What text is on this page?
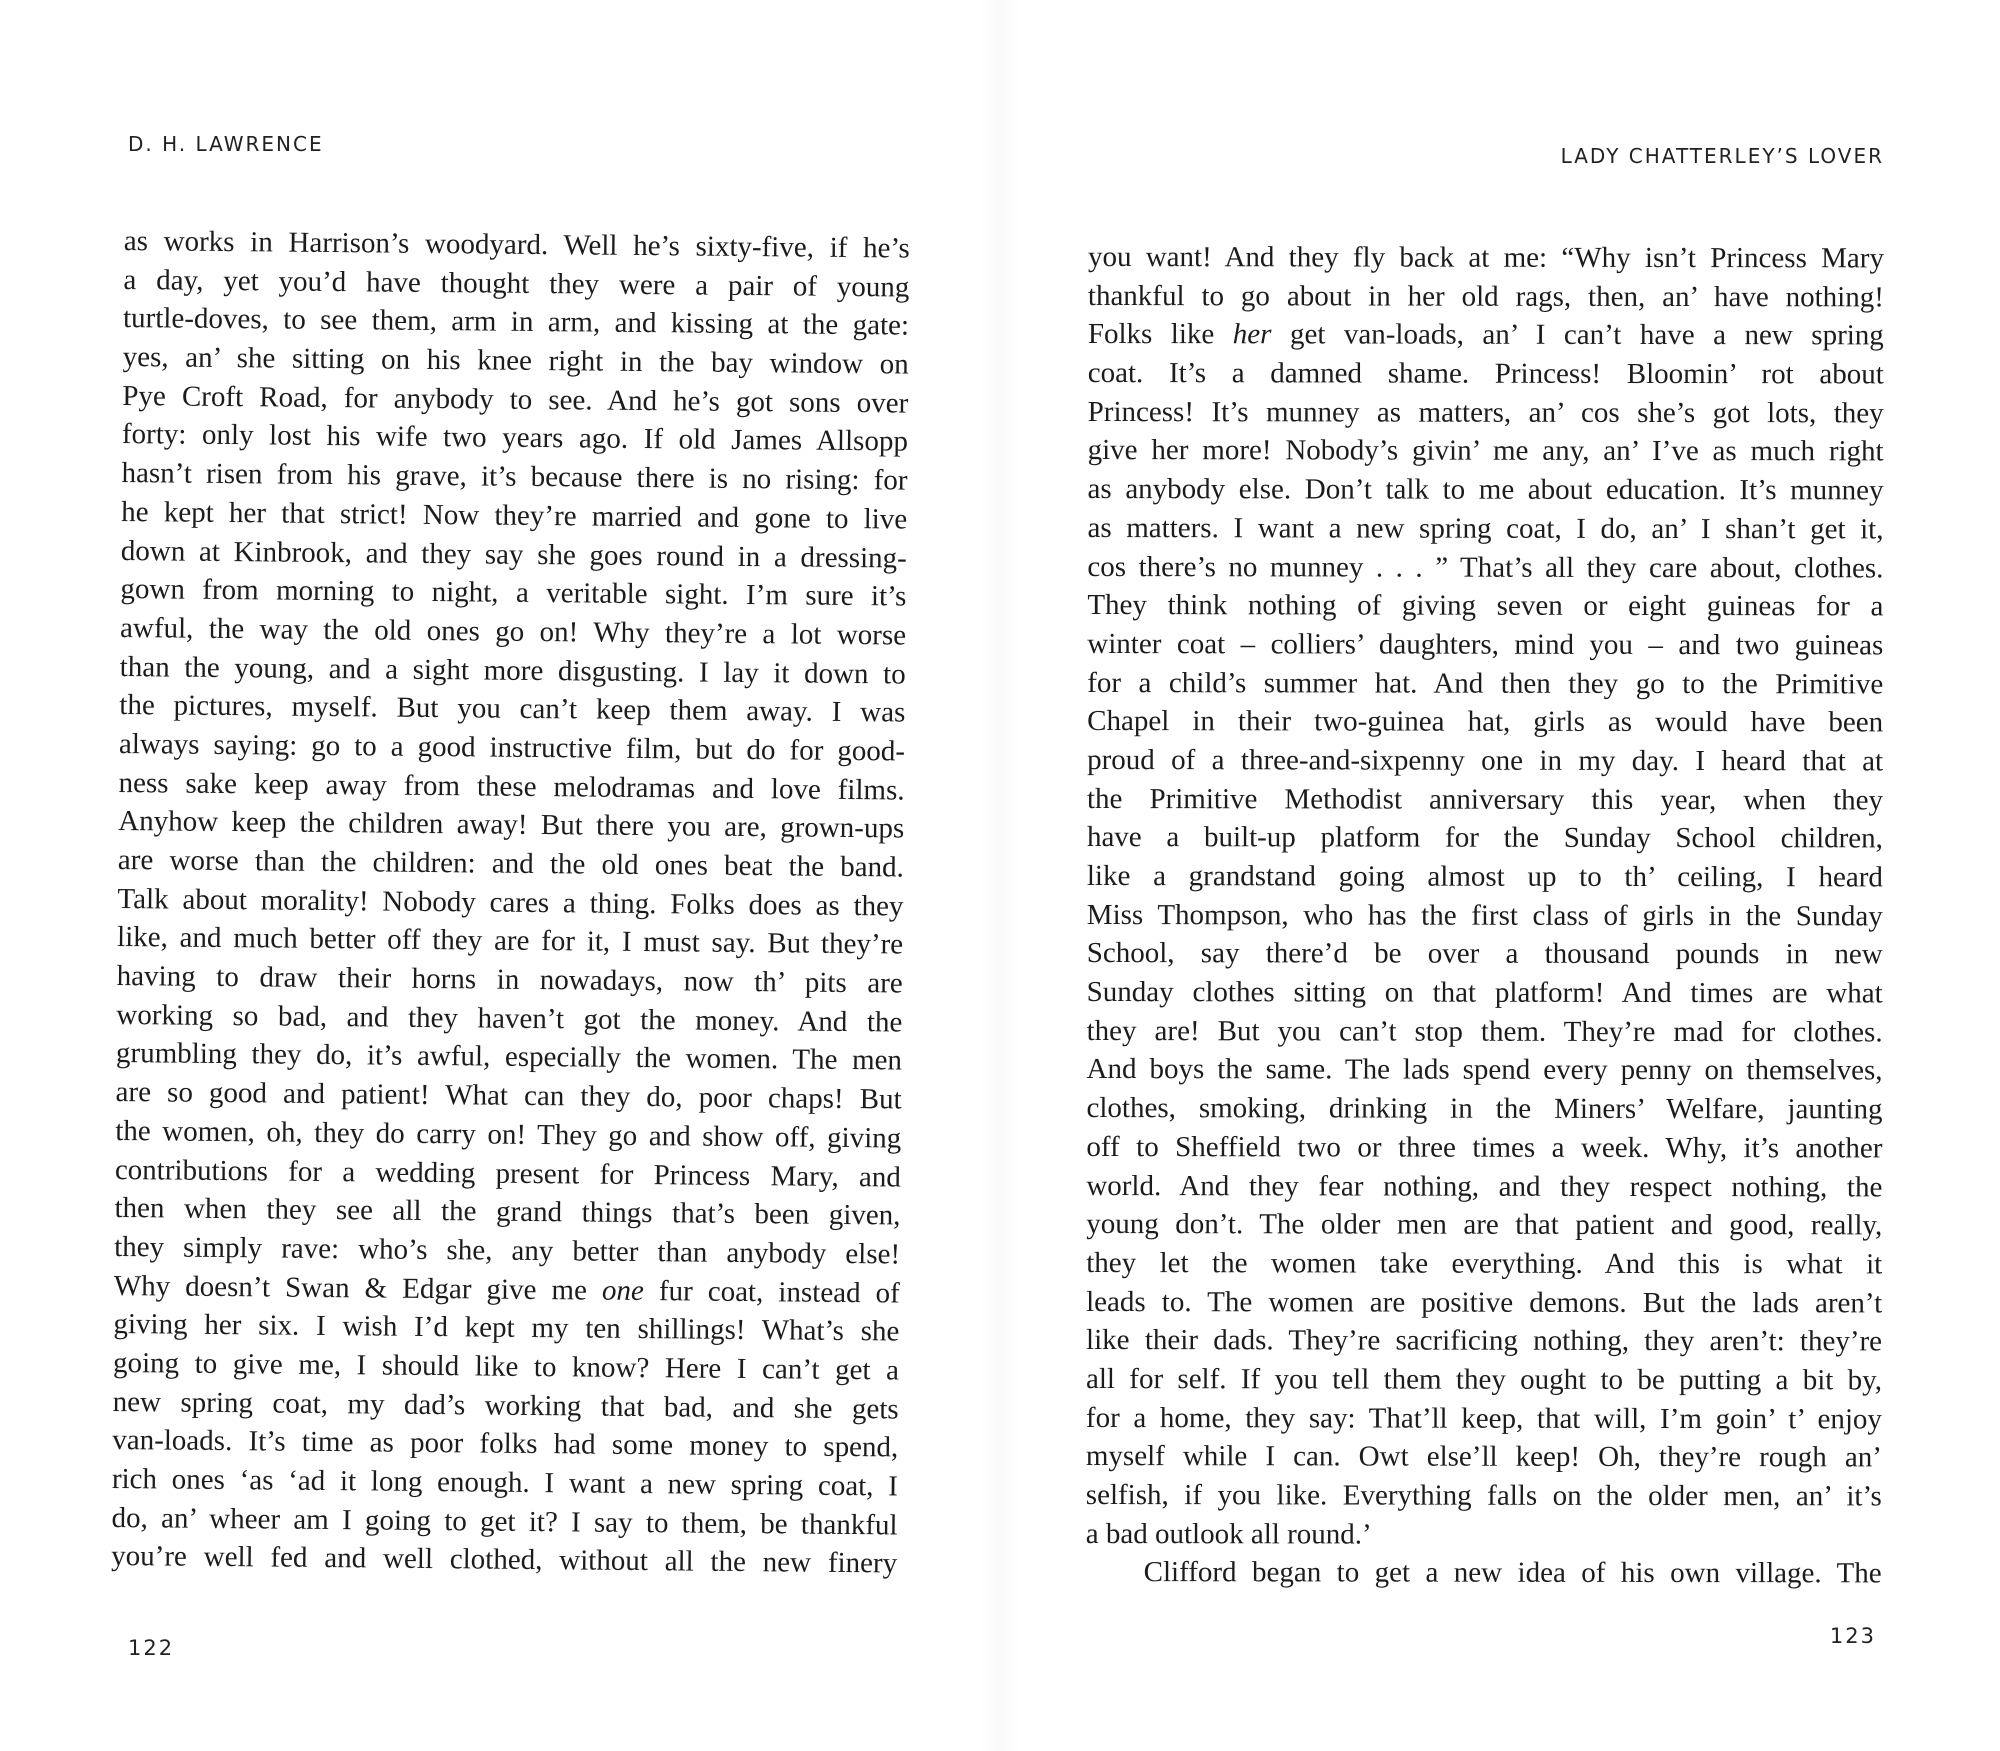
D. H. LAWRENCE
as works in Harrison’s woodyard. Well he’s sixty-five, if he’s
a day, yet you’d have thought they were a pair of young
turtle-doves, to see them, arm in arm, and kissing at the gate:
yes, an’ she sitting on his knee right in the bay window on
Pye Croft Road, for anybody to see. And he’s got sons over
forty: only lost his wife two years ago. If old James Allsopp
hasn’t risen from his grave, it’s because there is no rising: for
he kept her that strict! Now they’re married and gone to live
down at Kinbrook, and they say she goes round in a dressing-
gown from morning to night, a veritable sight. I’m sure it’s
awful, the way the old ones go on! Why they’re a lot worse
than the young, and a sight more disgusting. I lay it down to
the pictures, myself. But you can’t keep them away. I was
always saying: go to a good instructive film, but do for good-
ness sake keep away from these melodramas and love films.
Anyhow keep the children away! But there you are, grown-ups
are worse than the children: and the old ones beat the band.
Talk about morality! Nobody cares a thing. Folks does as they
like, and much better off they are for it, I must say. But they’re
having to draw their horns in nowadays, now th’ pits are
working so bad, and they haven’t got the money. And the
grumbling they do, it’s awful, especially the women. The men
are so good and patient! What can they do, poor chaps! But
the women, oh, they do carry on! They go and show off, giving
contributions for a wedding present for Princess Mary, and
then when they see all the grand things that’s been given,
they simply rave: who’s she, any better than anybody else!
Why doesn’t Swan & Edgar give me one fur coat, instead of
giving her six. I wish I’d kept my ten shillings! What’s she
going to give me, I should like to know? Here I can’t get a
new spring coat, my dad’s working that bad, and she gets
van-loads. It’s time as poor folks had some money to spend,
rich ones ‘as ‘ad it long enough. I want a new spring coat, I
do, an’ wheer am I going to get it? I say to them, be thankful
you’re well fed and well clothed, without all the new finery
122
LADY CHATTERLEY’S LOVER
you want! And they fly back at me: “Why isn’t Princess Mary
thankful to go about in her old rags, then, an’ have nothing!
Folks like her get van-loads, an’ I can’t have a new spring
coat. It’s a damned shame. Princess! Bloomin’ rot about
Princess! It’s munney as matters, an’ cos she’s got lots, they
give her more! Nobody’s givin’ me any, an’ I’ve as much right
as anybody else. Don’t talk to me about education. It’s munney
as matters. I want a new spring coat, I do, an’ I shan’t get it,
cos there’s no munney . . . ” That’s all they care about, clothes.
They think nothing of giving seven or eight guineas for a
winter coat – colliers’ daughters, mind you – and two guineas
for a child’s summer hat. And then they go to the Primitive
Chapel in their two-guinea hat, girls as would have been
proud of a three-and-sixpenny one in my day. I heard that at
the Primitive Methodist anniversary this year, when they
have a built-up platform for the Sunday School children,
like a grandstand going almost up to th’ ceiling, I heard
Miss Thompson, who has the first class of girls in the Sunday
School, say there’d be over a thousand pounds in new
Sunday clothes sitting on that platform! And times are what
they are! But you can’t stop them. They’re mad for clothes.
And boys the same. The lads spend every penny on themselves,
clothes, smoking, drinking in the Miners’ Welfare, jaunting
off to Sheffield two or three times a week. Why, it’s another
world. And they fear nothing, and they respect nothing, the
young don’t. The older men are that patient and good, really,
they let the women take everything. And this is what it
leads to. The women are positive demons. But the lads aren’t
like their dads. They’re sacrificing nothing, they aren’t: they’re
all for self. If you tell them they ought to be putting a bit by,
for a home, they say: That’ll keep, that will, I’m goin’ t’ enjoy
myself while I can. Owt else’ll keep! Oh, they’re rough an’
selfish, if you like. Everything falls on the older men, an’ it’s
a bad outlook all round.’
Clifford began to get a new idea of his own village. The
123
